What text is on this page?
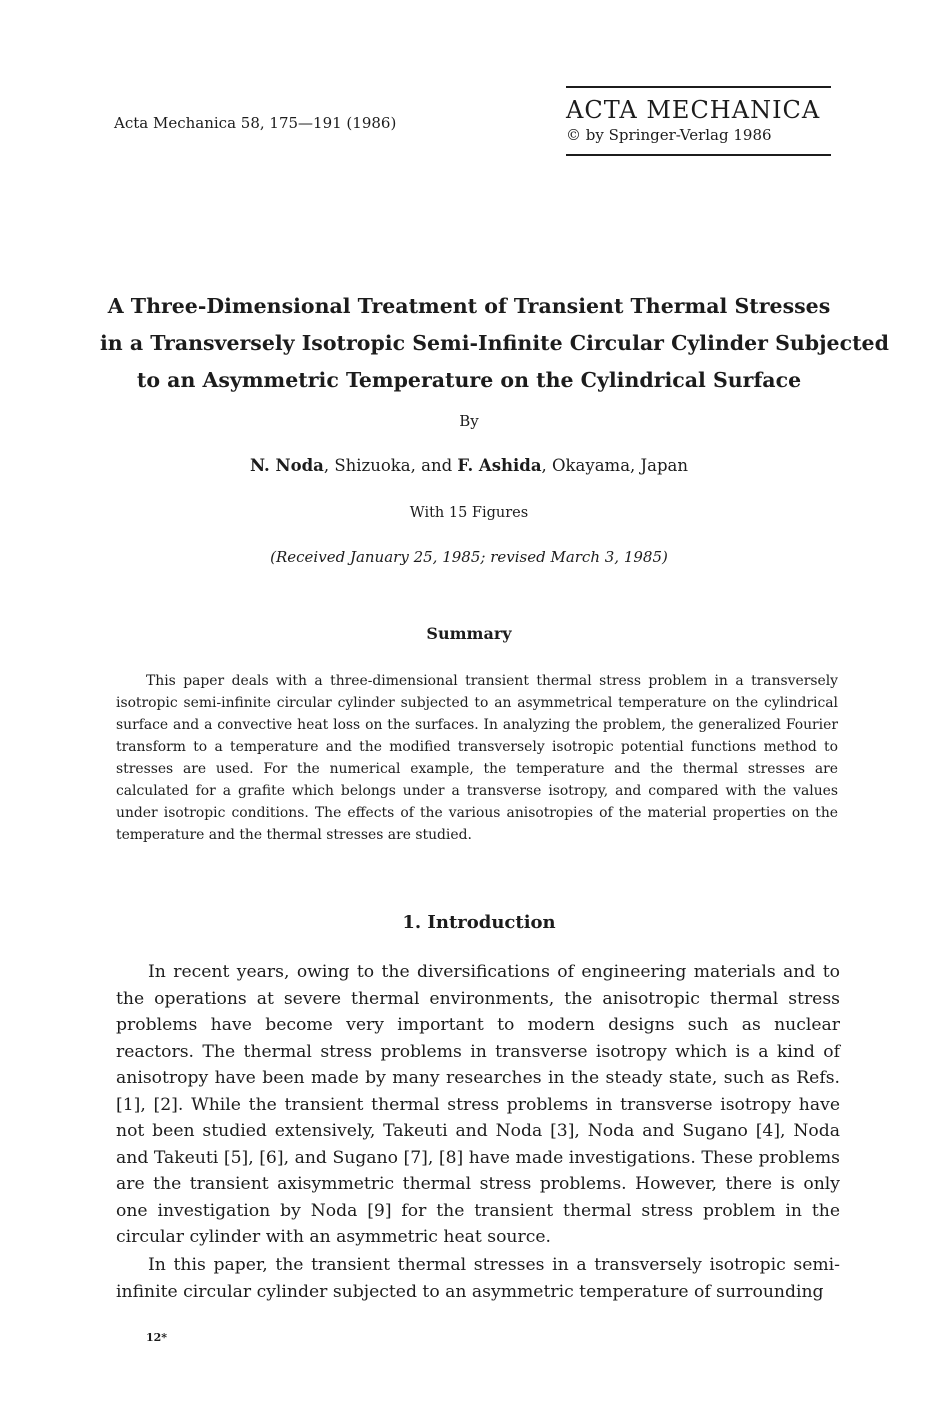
Acta Mechanica 58, 175—191 (1986)	ACTA MECHANICA
© by Springer-Verlag 1986
A Three-Dimensional Treatment of Transient Thermal Stresses
in a Transversely Isotropic Semi-Infinite Circular Cylinder Subjected
to an Asymmetric Temperature on the Cylindrical Surface
By
N. Noda, Shizuoka, and F. Ashida, Okayama, Japan
With 15 Figures
(Received January 25, 1985; revised March 3, 1985)
Summary

This paper deals with a three-dimensional transient thermal stress problem in a transversely isotropic semi-infinite circular cylinder subjected to an asymmetrical temperature on the cylindrical surface and a convective heat loss on the surfaces. In analyzing the problem, the generalized Fourier transform to a temperature and the modified transversely isotropic potential functions method to stresses are used. For the numerical example, the temperature and the thermal stresses are calculated for a grafite which belongs under a transverse isotropy, and compared with the values under isotropic conditions. The effects of the various anisotropies of the material properties on the temperature and the thermal stresses are studied.

1. Introduction

In recent years, owing to the diversifications of engineering materials and to the operations at severe thermal environments, the anisotropic thermal stress problems have become very important to modern designs such as nuclear reactors. The thermal stress problems in transverse isotropy which is a kind of anisotropy have been made by many researches in the steady state, such as Refs. [1], [2]. While the transient thermal stress problems in transverse isotropy have not been studied extensively, Takeuti and Noda [3], Noda and Sugano [4], Noda and Takeuti [5], [6], and Sugano [7], [8] have made investigations. These problems are the transient axisymmetric thermal stress problems. However, there is only one investigation by Noda [9] for the transient thermal stress problem in the circular cylinder with an asymmetric heat source.

In this paper, the transient thermal stresses in a transversely isotropic semi-infinite circular cylinder subjected to an asymmetric temperature of surrounding

12*
